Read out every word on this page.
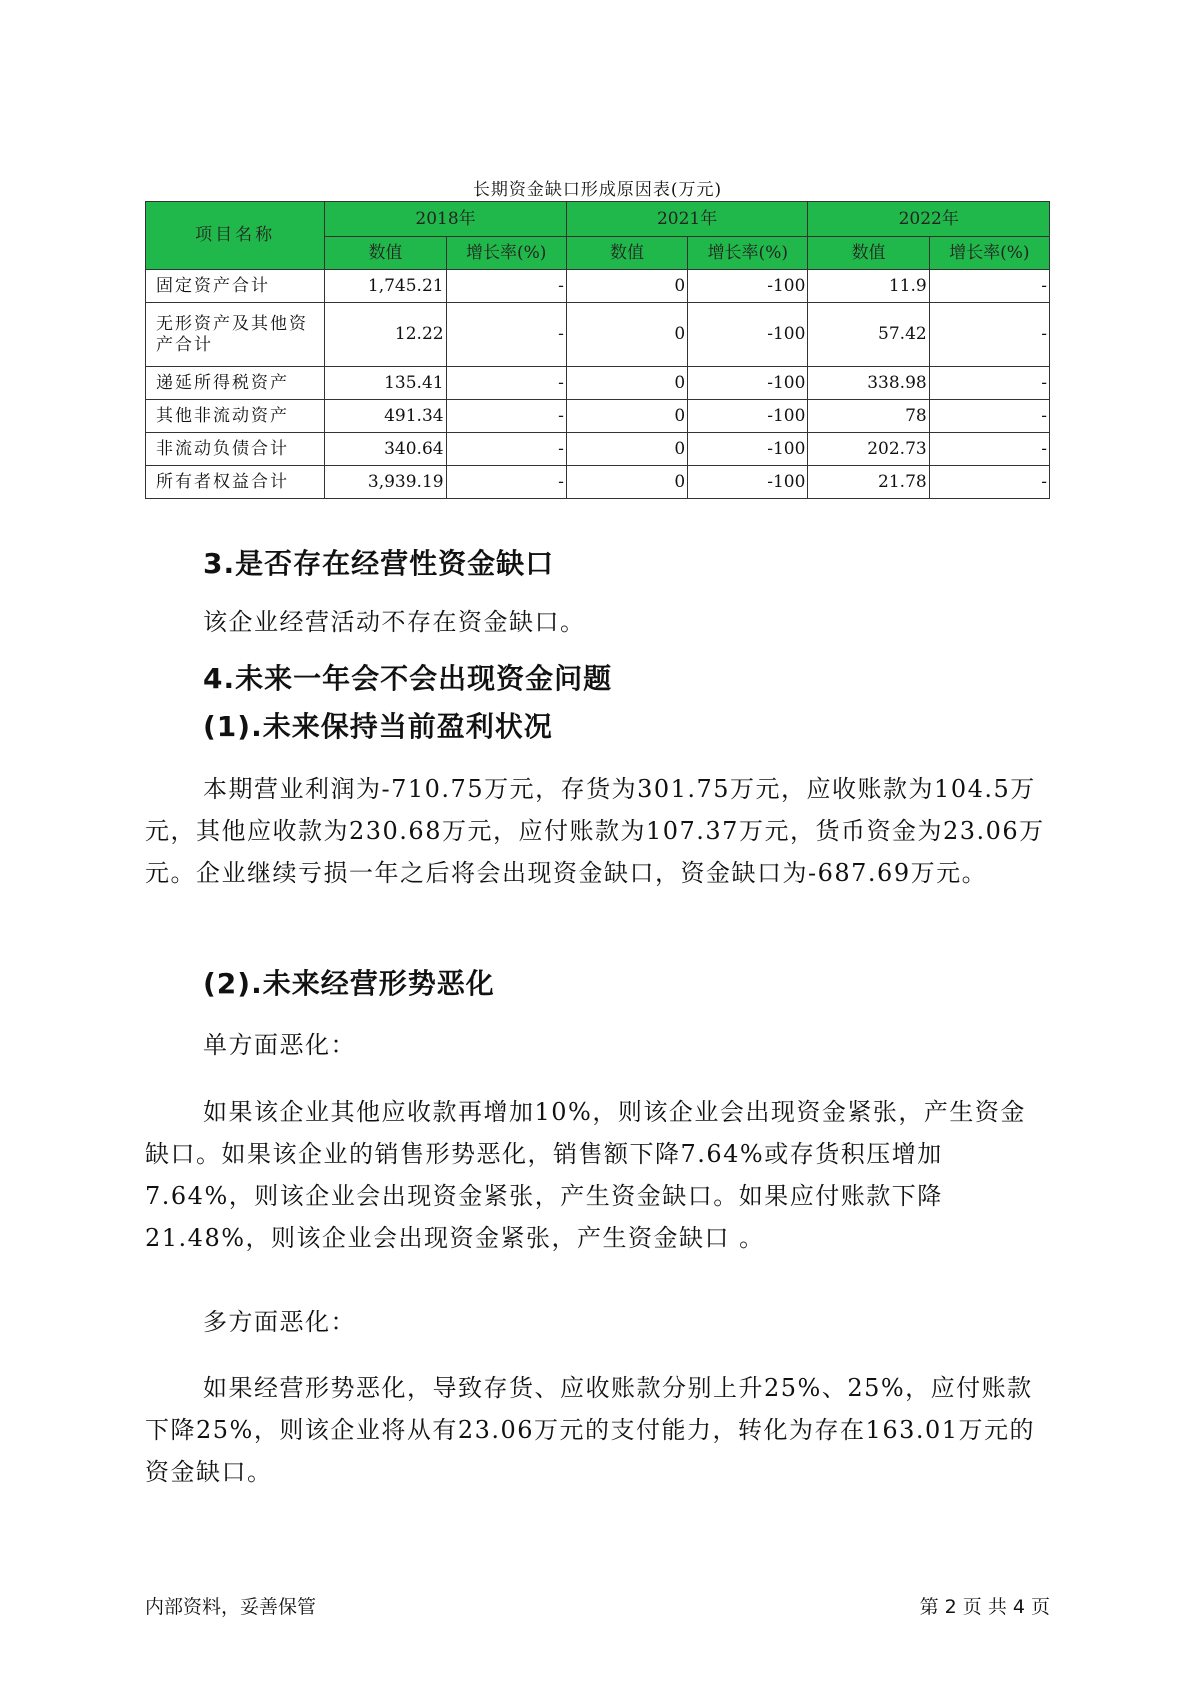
长期资金缺口形成原因表(万元)
项目名称	2018年		2021年		2022年	
	数值	增长率(%)	数值	增长率(%)	数值	增长率(%)
固定资产合计	1,745.21	-	0	-100	11.9	-
无形资产及其他资产合计	12.22	-	0	-100	57.42	-
递延所得税资产	135.41	-	0	-100	338.98	-
其他非流动资产	491.34	-	0	-100	78	-
非流动负债合计	340.64	-	0	-100	202.73	-
所有者权益合计	3,939.19	-	0	-100	21.78	-
3.是否存在经营性资金缺口
该企业经营活动不存在资金缺口。
4.未来一年会不会出现资金问题
(1).未来保持当前盈利状况
本期营业利润为-710.75万元，存货为301.75万元，应收账款为104.5万元，其他应收款为230.68万元，应付账款为107.37万元，货币资金为23.06万元。企业继续亏损一年之后将会出现资金缺口，资金缺口为-687.69万元。
(2).未来经营形势恶化
单方面恶化：
如果该企业其他应收款再增加10%，则该企业会出现资金紧张，产生资金缺口。如果该企业的销售形势恶化，销售额下降7.64%或存货积压增加7.64%，则该企业会出现资金紧张，产生资金缺口。如果应付账款下降21.48%，则该企业会出现资金紧张，产生资金缺口 。
多方面恶化：
如果经营形势恶化，导致存货、应收账款分别上升25%、25%，应付账款下降25%，则该企业将从有23.06万元的支付能力，转化为存在163.01万元的资金缺口。
内部资料，妥善保管	第 2 页 共 4 页
